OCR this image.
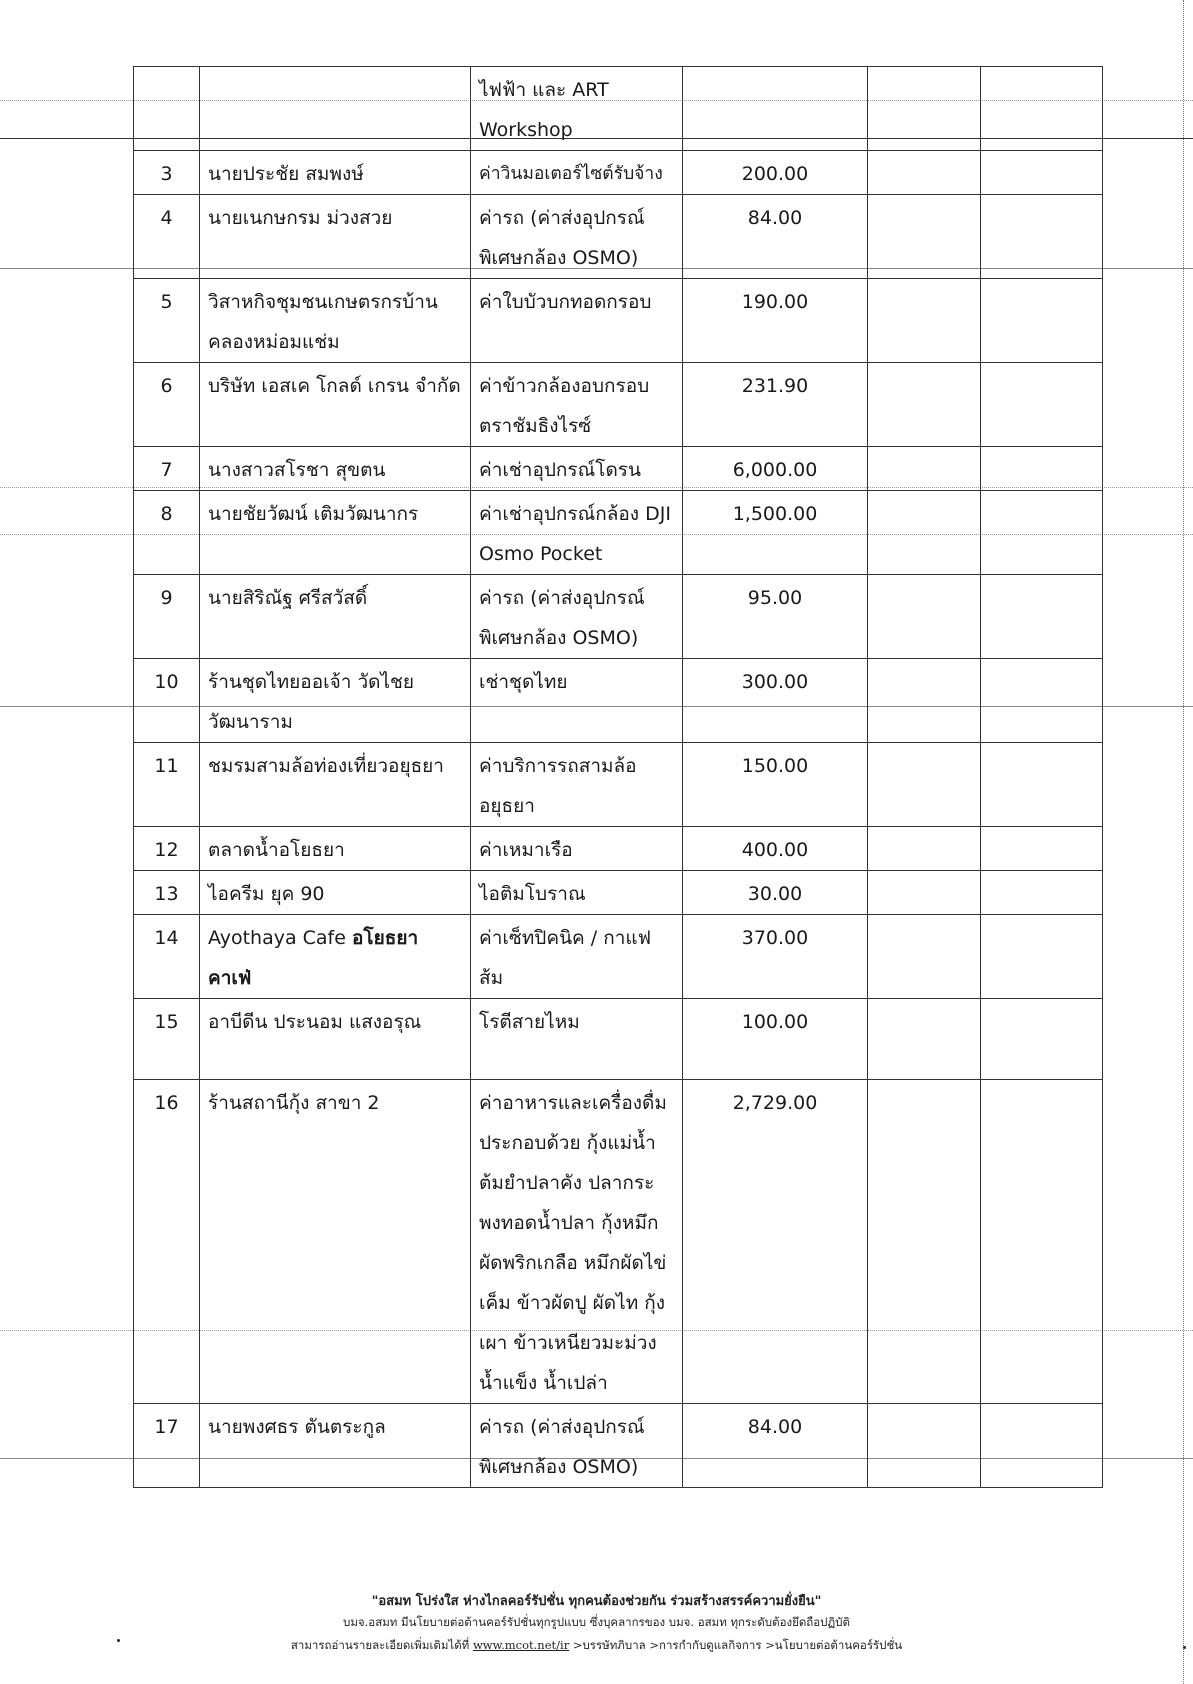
		ไฟฟ้า และ ART Workshop			
3	นายประชัย สมพงษ์	ค่าวินมอเตอร์ไซต์รับจ้าง	200.00		
4	นายเนกษกรม ม่วงสวย	ค่ารถ (ค่าส่งอุปกรณ์พิเศษกล้อง OSMO)	84.00		
5	วิสาหกิจชุมชนเกษตรกรบ้านคลองหม่อมแช่ม	ค่าใบบัวบกทอดกรอบ	190.00		
6	บริษัท เอสเค โกลด์ เกรน จำกัด	ค่าข้าวกล้องอบกรอบตราชัมธิงไรซ์	231.90		
7	นางสาวสโรชา สุขตน	ค่าเช่าอุปกรณ์โดรน	6,000.00		
8	นายชัยวัฒน์ เติมวัฒนากร	ค่าเช่าอุปกรณ์กล้อง DJI Osmo Pocket	1,500.00		
9	นายสิริณัฐ ศรีสวัสดิ์	ค่ารถ (ค่าส่งอุปกรณ์พิเศษกล้อง OSMO)	95.00		
10	ร้านชุดไทยออเจ้า วัดไชยวัฒนาราม	เช่าชุดไทย	300.00		
11	ชมรมสามล้อท่องเที่ยวอยุธยา	ค่าบริการรถสามล้ออยุธยา	150.00		
12	ตลาดน้ำอโยธยา	ค่าเหมาเรือ	400.00		
13	ไอครีม ยุค 90	ไอติมโบราณ	30.00		
14	Ayothaya Cafe อโยธยา คาเฟ่	ค่าเซ็ทปิคนิค / กาแฟส้ม	370.00		
15	อาบีดีน ประนอม แสงอรุณ	โรตีสายไหม	100.00		
16	ร้านสถานีกุ้ง สาขา 2	ค่าอาหารและเครื่องดื่มประกอบด้วย กุ้งแม่น้ำต้มยำปลาคัง ปลากระพงทอดน้ำปลา กุ้งหมึก ผัดพริกเกลือ หมึกผัดไข่เค็ม ข้าวผัดปู ผัดไท กุ้งเผา ข้าวเหนียวมะม่วง น้ำแข็ง น้ำเปล่า	2,729.00		
17	นายพงศธร ตันตระกูล	ค่ารถ (ค่าส่งอุปกรณ์พิเศษกล้อง OSMO)	84.00		
"อสมท โปร่งใส ห่างไกลคอร์รัปชั่น ทุกคนต้องช่วยกัน ร่วมสร้างสรรค์ความยั่งยืน"
บมจ.อสมท มีนโยบายต่อต้านคอร์รัปชั่นทุกรูปแบบ ซึ่งบุคลากรของ บมจ. อสมท ทุกระดับต้องยึดถือปฏิบัติ
สามารถอ่านรายละเอียดเพิ่มเติมได้ที่ www.mcot.net/ir >บรรษัทภิบาล >การกำกับดูแลกิจการ >นโยบายต่อต้านคอร์รัปชั่น
